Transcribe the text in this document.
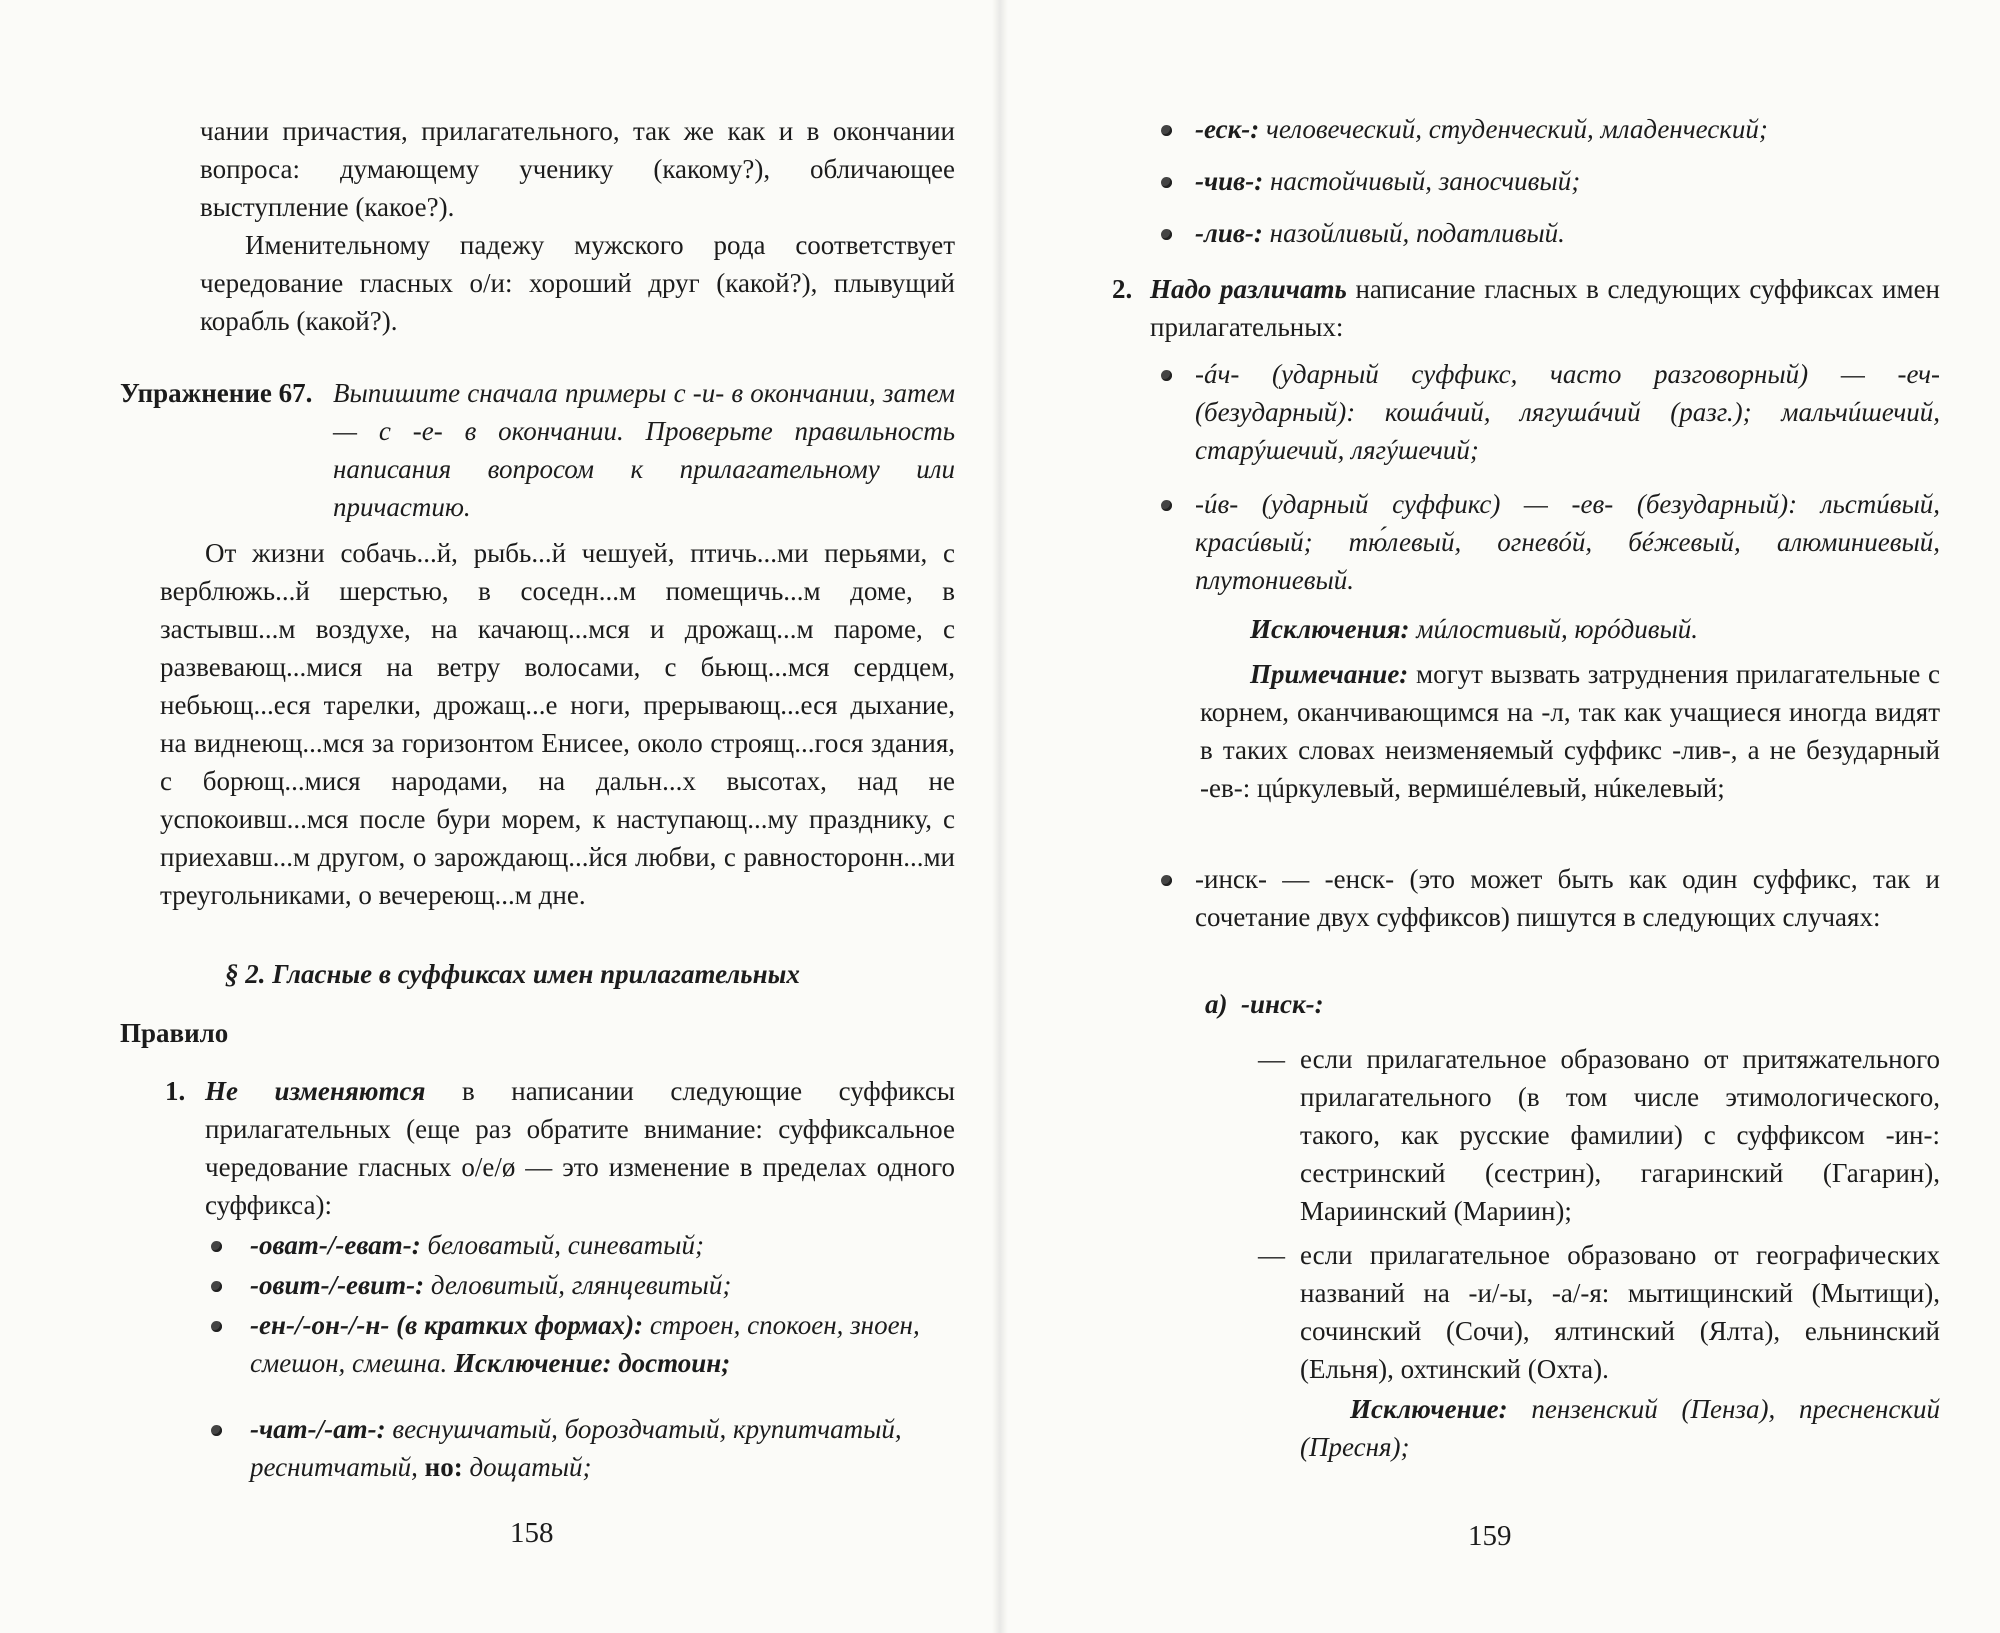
чании причастия, прилагательного, так же как и в окончании вопроса: думающему ученику (какому?), обличающее выступление (какое?).

Именительному падежу мужского рода соответствует чередование гласных о/и: хороший друг (какой?), плывущий корабль (какой?).

Упражнение 67. Выпишите сначала примеры с -и- в окончании, затем — с -е- в окончании. Проверьте правильность написания вопросом к прилагательному или причастию.

От жизни собачь...й, рыбь...й чешуей, птичь...ми перьями, с верблюжь...й шерстью, в соседн...м помещичь...м доме, в застывш...м воздухе, на качающ...мся и дрожащ...м пароме, с развевающ...мися на ветру волосами, с бьющ...мся сердцем, небьющ...еся тарелки, дрожащ...е ноги, прерывающ...еся дыхание, на виднеющ...мся за горизонтом Енисее, около строящ...гося здания, с борющ...мися народами, на дальн...х высотах, над не успокоивш...мся после бури морем, к наступающ...му празднику, с приехавш...м другом, о зарождающ...йся любви, с равносторонн...ми треугольниками, о вечереющ...м дне.

§ 2. Гласные в суффиксах имен прилагательных
Правило
1. Не изменяются в написании следующие суффиксы прилагательных (еще раз обратите внимание: суффиксальное чередование гласных о/е/ø — это изменение в пределах одного суффикса):

-оват-/-еват-: беловатый, синеватый;

-овит-/-евит-: деловитый, глянцевитый;

-ен-/-он-/-н- (в кратких формах): строен, спокоен, зноен, смешон, смешна. Исключение: достоин;

-чат-/-ат-: веснушчатый, бороздчатый, крупитчатый, реснитчатый, но: дощатый;

158

-еск-: человеческий, студенческий, младенческий;

-чив-: настойчивый, заносчивый;

-лив-: назойливый, податливый.

2. Надо различать написание гласных в следующих суффиксах имен прилагательных:

-áч- (ударный суффикс, часто разговорный) — -еч- (безударный): кошáчий, лягушáчий (разг.); мальчúшечий, старýшечий, лягýшечий;

-úв- (ударный суффикс) — -ев- (безударный): льстúвый, красúвый; тю́левый, огневóй, бéжевый, алюминиевый, плутониевый.

Исключения: мúлостивый, юрóдивый.

Примечание: могут вызвать затруднения прилагательные с корнем, оканчивающимся на -л, так как учащиеся иногда видят в таких словах неизменяемый суффикс -лив-, а не безударный -ев-: цúркулевый, вермишéлевый, нúкелевый;

-инск- — -енск- (это может быть как один суффикс, так и сочетание двух суффиксов) пишутся в следующих случаях:

а) -инск-:

— если прилагательное образовано от притяжательного прилагательного (в том числе этимологического, такого, как русские фамилии) с суффиксом -ин-: сестринский (сестрин), гагаринский (Гагарин), Мариинский (Мариин);

— если прилагательное образовано от географических названий на -и/-ы, -а/-я: мытищинский (Мытищи), сочинский (Сочи), ялтинский (Ялта), ельнинский (Ельня), охтинский (Охта).

Исключение: пензенский (Пенза), пресненский (Пресня);

159
